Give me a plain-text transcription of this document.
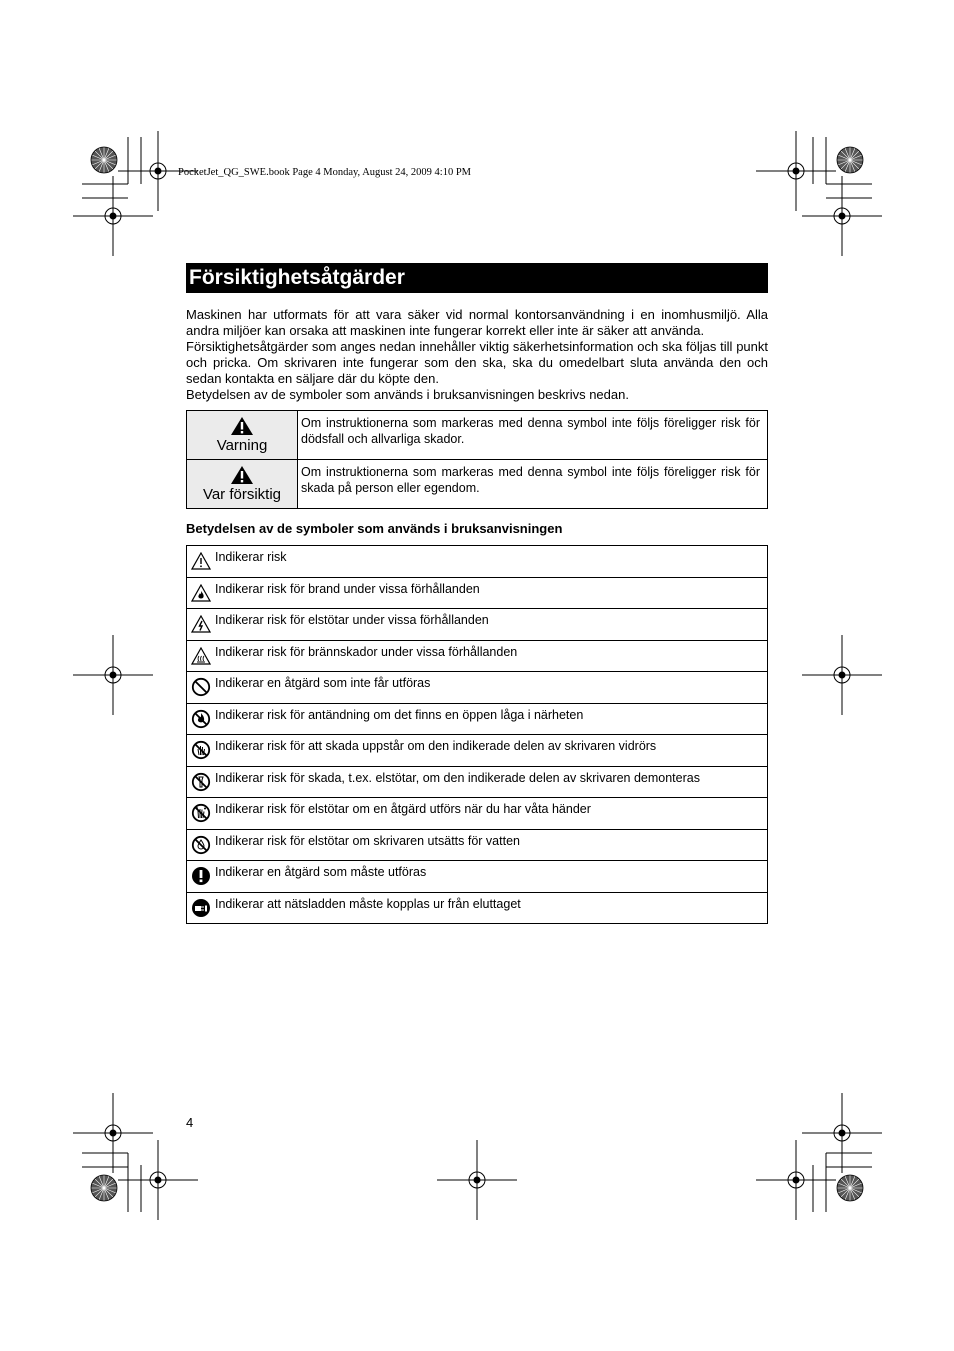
PocketJet_QG_SWE.book Page 4 Monday, August 24, 2009 4:10 PM
Försiktighetsåtgärder

Maskinen har utformats för att vara säker vid normal kontorsanvändning i en inomhusmiljö. Alla andra miljöer kan orsaka att maskinen inte fungerar korrekt eller inte är säker att använda.

Försiktighetsåtgärder som anges nedan innehåller viktig säkerhetsinformation och ska följas till punkt och pricka. Om skrivaren inte fungerar som den ska, ska du omedelbart sluta använda den och sedan kontakta en säljare där du köpte den.

Betydelsen av de symboler som används i bruksanvisningen beskrivs nedan.

Varning	Om instruktionerna som markeras med denna symbol inte följs föreligger risk för dödsfall och allvarliga skador.

Var försiktig	Om instruktionerna som markeras med denna symbol inte följs föreligger risk för skada på person eller egendom.
Betydelsen av de symboler som används i bruksanvisningen
	Indikerar risk

	Indikerar risk för brand under vissa förhållanden

	Indikerar risk för elstötar under vissa förhållanden

	Indikerar risk för brännskador under vissa förhållanden

	Indikerar en åtgärd som inte får utföras

	Indikerar risk för antändning om det finns en öppen låga i närheten

	Indikerar risk för att skada uppstår om den indikerade delen av skrivaren vidrörs

	Indikerar risk för skada, t.ex. elstötar, om den indikerade delen av skrivaren demonteras

	Indikerar risk för elstötar om en åtgärd utförs när du har våta händer

	Indikerar risk för elstötar om skrivaren utsätts för vatten

	Indikerar en åtgärd som måste utföras

	Indikerar att nätsladden måste kopplas ur från eluttaget
4
